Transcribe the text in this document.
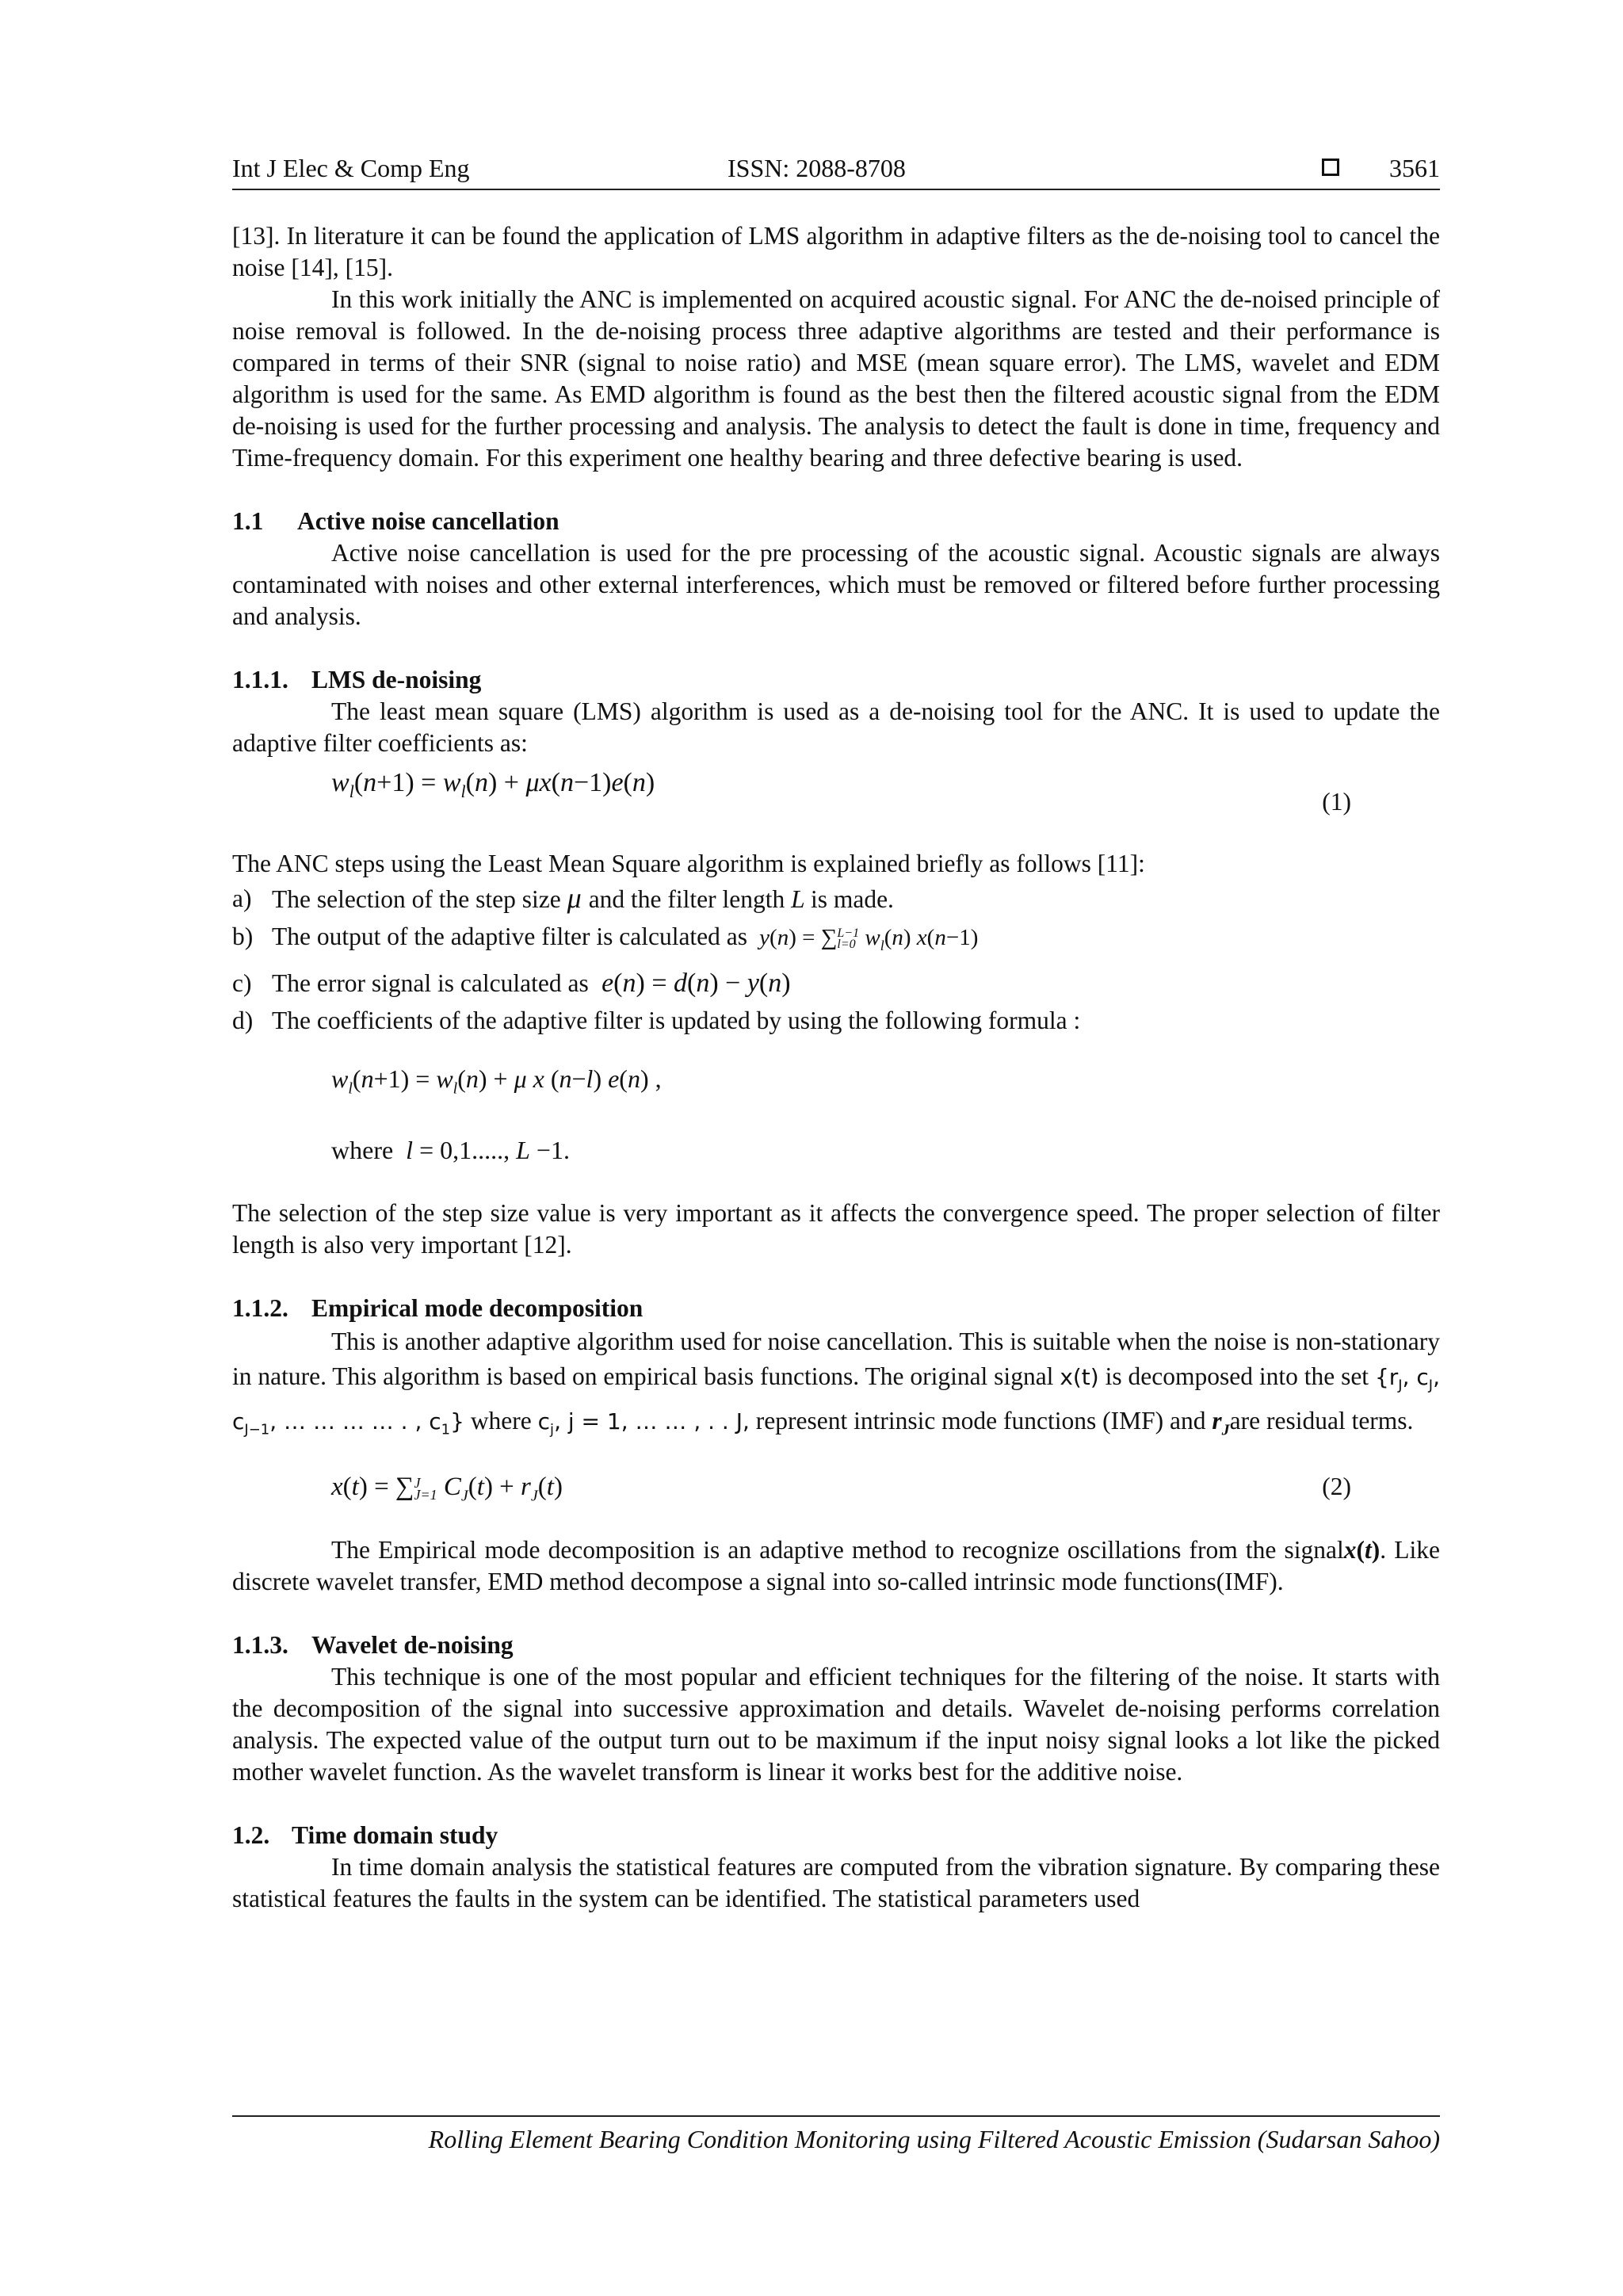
Int J Elec & Comp Eng	ISSN: 2088-8708	3561

[13]. In literature it can be found the application of LMS algorithm in adaptive filters as the de-noising tool to cancel the noise [14], [15].

In this work initially the ANC is implemented on acquired acoustic signal. For ANC the de-noised principle of noise removal is followed. In the de-noising process three adaptive algorithms are tested and their performance is compared in terms of their SNR (signal to noise ratio) and MSE (mean square error). The LMS, wavelet and EDM algorithm is used for the same. As EMD algorithm is found as the best then the filtered acoustic signal from the EDM de-noising is used for the further processing and analysis. The analysis to detect the fault is done in time, frequency and Time-frequency domain. For this experiment one healthy bearing and three defective bearing is used.

1.1 Active noise cancellation

Active noise cancellation is used for the pre processing of the acoustic signal. Acoustic signals are always contaminated with noises and other external interferences, which must be removed or filtered before further processing and analysis.

1.1.1. LMS de-noising

The least mean square (LMS) algorithm is used as a de-noising tool for the ANC. It is used to update the adaptive filter coefficients as:

$w_l(n+1) = w_l(n) + \mu x(n-1)e(n)$
(1)

The ANC steps using the Least Mean Square algorithm is explained briefly as follows [11]:

a) The selection of the step size μ and the filter length L is made.
b) The output of the adaptive filter is calculated as  y(n) = ∑ L−1
l=0 $w_l(n)$ x(n−1)
c) The error signal is calculated as  e(n) = d(n) − y(n)
d) The coefficients of the adaptive filter is updated by using the following formula :

$w_l(n+1) = w_l(n) + \mu$ x (n−l) e(n) ,

where  l = 0,1....., L −1.

The selection of the step size value is very important as it affects the convergence speed. The proper selection of filter length is also very important [12].

1.1.2. Empirical mode decomposition

This is another adaptive algorithm used for noise cancellation. This is suitable when the noise is non-stationary in nature. This algorithm is based on empirical basis functions. The original signal x(t) is decomposed into the set {$r_J$, $c_J$, $c_{J-1}$, … … … … . , $c_1$} where $c_j$, j = 1, … … , . . J, represent intrinsic mode functions (IMF) and $r_Jare$ residual terms.

x(t) = ∑ J
J=1 $C_J(t) + r_J(t)$	(2)

The Empirical mode decomposition is an adaptive method to recognize oscillations from the signalx(t). Like discrete wavelet transfer, EMD method decompose a signal into so-called intrinsic mode functions(IMF).

1.1.3. Wavelet de-noising

This technique is one of the most popular and efficient techniques for the filtering of the noise. It starts with the decomposition of the signal into successive approximation and details. Wavelet de-noising performs correlation analysis. The expected value of the output turn out to be maximum if the input noisy signal looks a lot like the picked mother wavelet function. As the wavelet transform is linear it works best for the additive noise.

1.2. Time domain study

In time domain analysis the statistical features are computed from the vibration signature. By comparing these statistical features the faults in the system can be identified. The statistical parameters used

Rolling Element Bearing Condition Monitoring using Filtered Acoustic Emission (Sudarsan Sahoo)
